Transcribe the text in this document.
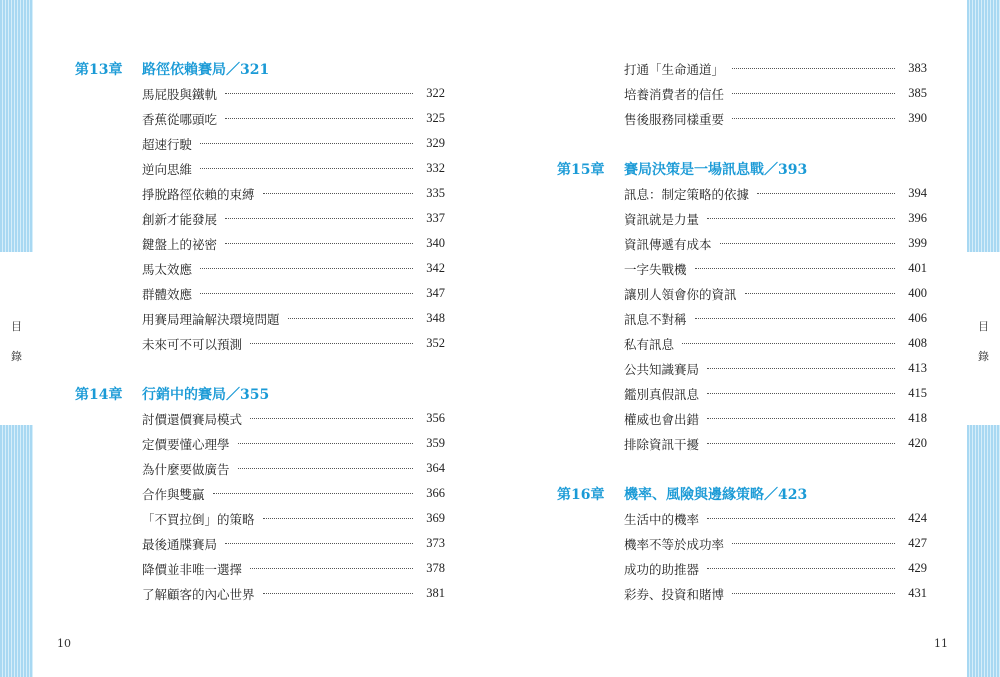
目
錄
目
錄
第13章	路徑依賴賽局／321
馬屁股與鐵軌	322
香蕉從哪頭吃	325
超速行駛	329
逆向思維	332
掙脫路徑依賴的束縛	335
創新才能發展	337
鍵盤上的祕密	340
馬太效應	342
群體效應	347
用賽局理論解決環境問題	348
未來可不可以預測	352
第14章	行銷中的賽局／355
討價還價賽局模式	356
定價要懂心理學	359
為什麼要做廣告	364
合作與雙贏	366
「不買拉倒」的策略	369
最後通牒賽局	373
降價並非唯一選擇	378
了解顧客的內心世界	381
打通「生命通道」	383
培養消費者的信任	385
售後服務同樣重要	390
第15章	賽局決策是一場訊息戰／393
訊息：制定策略的依據	394
資訊就是力量	396
資訊傳遞有成本	399
一字失戰機	401
讓別人領會你的資訊	400
訊息不對稱	406
私有訊息	408
公共知識賽局	413
鑑別真假訊息	415
權威也會出錯	418
排除資訊干擾	420
第16章	機率、風險與邊緣策略／423
生活中的機率	424
機率不等於成功率	427
成功的助推器	429
彩券、投資和賭博	431
10	11
